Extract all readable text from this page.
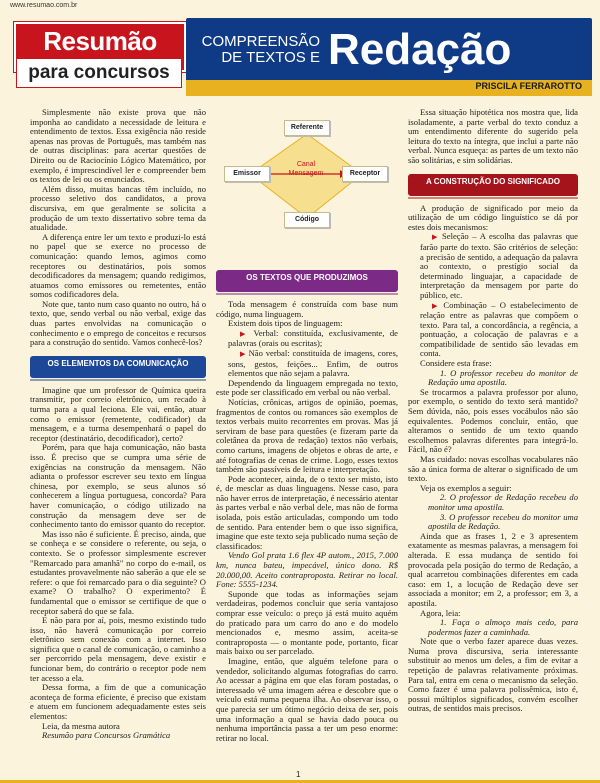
www.resumao.com.br
Resumão
para concursos
COMPREENSÃO DE TEXTOS E Redação
PRISCILA FERRAROTTO

Simplesmente não existe prova que não imponha ao candidato a necessidade de leitura e entendimento de textos. Essa exigência não reside apenas nas provas de Português, mas também nas de outras disciplinas: para acertar questões de Direito ou de Raciocínio Lógico Matemático, por exemplo, é imprescindível ler e compreender bem os textos de lei ou os enunciados.

Além disso, muitas bancas têm incluído, no processo seletivo dos candidatos, a prova discursiva, em que geralmente se solicita a produção de um texto dissertativo sobre tema da atualidade.

A diferença entre ler um texto e produzi-lo está no papel que se exerce no processo de comunicação: quando lemos, agimos como receptores ou destinatários, pois somos decodificadores da mensagem; quando redigimos, atuamos como emissores ou remetentes, então somos codificadores dela.

Note que, tanto num caso quanto no outro, há o texto, que, sendo verbal ou não verbal, exige das duas partes envolvidas na comunicação o conhecimento e o emprego de conceitos e recursos para a construção do sentido. Vamos conhecê-los?

OS ELEMENTOS DA COMUNICAÇÃO

Imagine que um professor de Química queira transmitir, por correio eletrônico, um recado à turma para a qual leciona. Ele vai, então, atuar como o emissor (remetente, codificador) da mensagem, e a turma desempenhará o papel do receptor (destinatário, decodificador), certo?

Porém, para que haja comunicação, não basta isso. É preciso que se cumpra uma série de exigências na construção da mensagem. Não adianta o professor escrever seu texto em língua chinesa, por exemplo, se seus alunos só conhecerem a língua portuguesa, concorda? Para haver comunicação, o código utilizado na construção da mensagem deve ser de conhecimento tanto do emissor quanto do receptor.

Mas isso não é suficiente. É preciso, ainda, que se conheça e se considere o referente, ou seja, o contexto. Se o professor simplesmente escrever "Remarcado para amanhã" no corpo do e-mail, os estudantes provavelmente não saberão a que ele se refere: o que foi remarcado para o dia seguinte? O exame? O trabalho? O experimento? É fundamental que o emissor se certifique de que o receptor saberá do que se fala.

E não para por aí, pois, mesmo existindo tudo isso, não haverá comunicação por correio eletrônico sem conexão com a internet. Isso significa que o canal de comunicação, o caminho a ser percorrido pela mensagem, deve existir e funcionar bem, do contrário o receptor pode nem ter acesso a ela.

Dessa forma, a fim de que a comunicação aconteça de forma eficiente, é preciso que existam e atuem em funcionem adequadamente estes seis elementos:

Leia, da mesma autora

Resumão para Concursos Gramática

Referente
Emissor	Receptor
Código
Canal Mensagem
OS TEXTOS QUE PRODUZIMOS

Toda mensagem é construída com base num código, numa linguagem.

Existem dois tipos de linguagem:

▶ Verbal: constituída, exclusivamente, de palavras (orais ou escritas);

▶ Não verbal: constituída de imagens, cores, sons, gestos, feições... Enfim, de outros elementos que não sejam a palavra.

Dependendo da linguagem empregada no texto, este pode ser classificado em verbal ou não verbal.

Notícias, crônicas, artigos de opinião, poemas, fragmentos de contos ou romances são exemplos de textos verbais muito recorrentes em provas. Mas já serviram de base para questões (e fizeram parte da coletânea da prova de redação) textos não verbais, como cartuns, imagens de objetos e obras de arte, e até fotografias de cenas de crime. Logo, esses textos também são passíveis de leitura e interpretação.

Pode acontecer, ainda, de o texto ser misto, isto é, de mesclar as duas linguagens. Nesse caso, para não haver erros de interpretação, é necessário atentar às partes verbal e não verbal dele, mas não de forma isolada, pois estão articuladas, compondo um todo de sentido. Para entender bem o que isso significa, imagine que este texto seja publicado numa seção de classificados:

Vendo Gol prata 1.6 flex 4P autom., 2015, 7.000 km, nunca bateu, impecável, único dono. R$ 20.000,00. Aceito contraproposta. Retirar no local. Fone: 5555-1234.

Suponde que todas as informações sejam verdadeiras, podemos concluir que seria vantajoso comprar esse veículo: o preço já está muito aquém do praticado para um carro do ano e do modelo mencionados e, mesmo assim, aceita-se contraproposta — o montante pode, portanto, ficar mais baixo ou ser parcelado.

Imagine, então, que alguém telefone para o vendedor, solicitando algumas fotografias do carro. Ao acessar a página em que elas foram postadas, o interessado vê uma imagem aérea e descobre que o veículo está numa pequena ilha. Ao observar isso, o que parecia ser um ótimo negócio deixa de ser, pois uma informação a qual se havia dado pouca ou nenhuma importância passa a ter um peso enorme: retirar no local.

Essa situação hipotética nos mostra que, lida isoladamente, a parte verbal do texto conduz a um entendimento diferente do sugerido pela leitura do texto na íntegra, que inclui a parte não verbal. Nunca esqueça: as partes de um texto não são solitárias, e sim solidárias.

A CONSTRUÇÃO DO SIGNIFICADO

A produção de significado por meio da utilização de um código linguístico se dá por estes dois mecanismos:

▶ Seleção – A escolha das palavras que farão parte do texto. São critérios de seleção: a precisão de sentido, a adequação da palavra ao contexto, o prestígio social da determinado linguajar, a capacidade de interpretação da mensagem por parte do público, etc.

▶ Combinação – O estabelecimento de relação entre as palavras que compõem o texto. Para tal, a concordância, a regência, a pontuação, a colocação de palavras e a compatibilidade de sentido são levadas em conta.

Considere esta frase:

1. O professor recebeu do monitor de Redação uma apostila.

Se trocarmos a palavra professor por aluno, por exemplo, o sentido do texto será mantido? Sem dúvida, não, pois esses vocábulos não são equivalentes. Podemos concluir, então, que alteramos o sentido de um texto quando escolhemos palavras diferentes para integrá-lo. Fácil, não é?

Mas cuidado: novas escolhas vocabulares não são a única forma de alterar o significado de um texto.

Veja os exemplos a seguir:

2. O professor de Redação recebeu do monitor uma apostila.

3. O professor recebeu do monitor uma apostila de Redação.

Ainda que as frases 1, 2 e 3 apresentem exatamente as mesmas palavras, a mensagem foi alterada. E essa mudança de sentido foi provocada pela posição do termo de Redação, a qual acarretou combinações diferentes em cada caso: em 1, a locução de Redação deve ser associada a monitor; em 2, a professor; em 3, a apostila.

Agora, leia:

1. Faça o almoço mais cedo, para podermos fazer a caminhada.

Note que o verbo fazer aparece duas vezes. Numa prova discursiva, seria interessante substituir ao menos um deles, a fim de evitar a repetição de palavras relativamente próximas. Para tal, entra em cena o mecanismo da seleção. Como fazer é uma palavra polissêmica, isto é, possui múltiplos significados, convém escolher outras, de sentidos mais precisos.

1
